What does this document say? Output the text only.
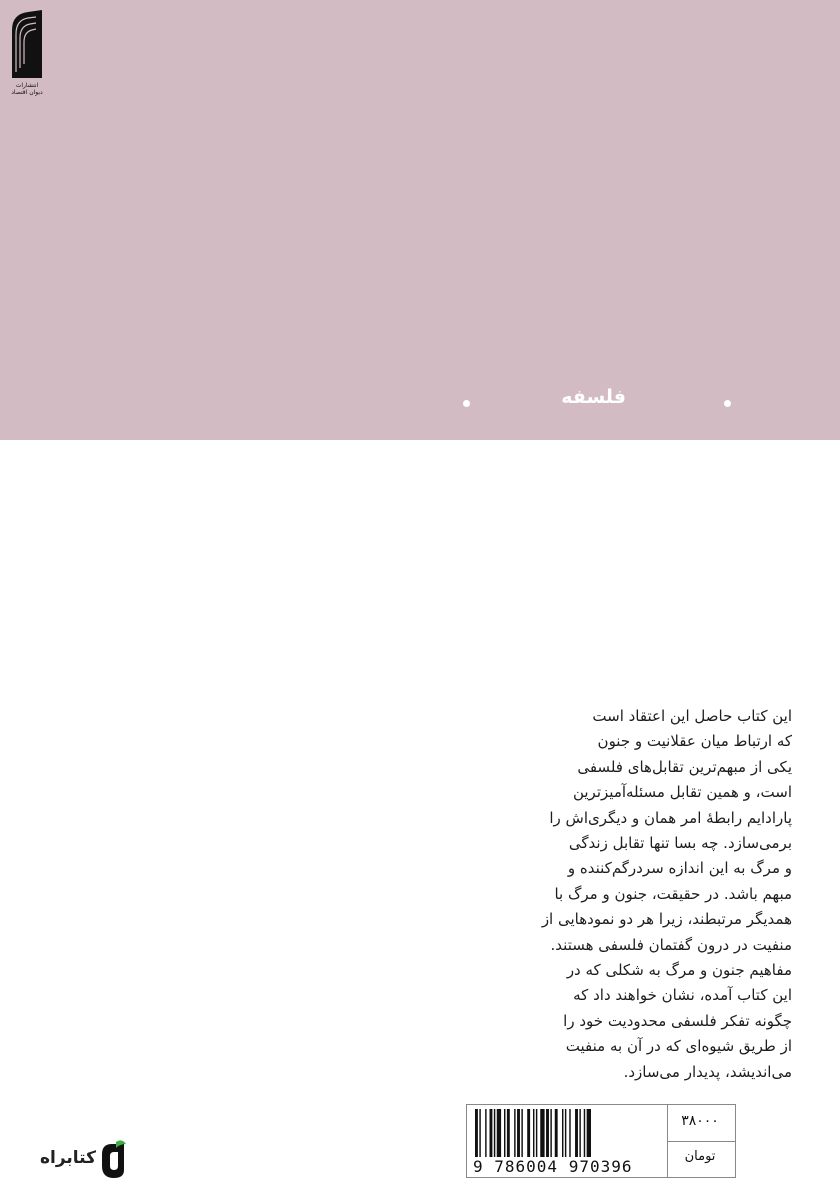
انتشارات
دیوان اقتصاد
فلسفه
این کتاب حاصل این اعتقاد است
که ارتباط میان عقلانیت و جنون
یکی از مبهم‌ترین تقابل‌های فلسفی
است، و همین تقابل مسئله‌آمیزترین
پارادایم رابطهٔ امر همان و دیگری‌اش را
برمی‌سازد. چه بسا تنها تقابل زندگی
و مرگ به این اندازه سردرگم‌کننده و
مبهم باشد. در حقیقت، جنون و مرگ با
همدیگر مرتبطند، زیرا هر دو نمودهایی از
منفیت در درون گفتمان فلسفی هستند.
مفاهیم جنون و مرگ به شکلی که در
این کتاب آمده، نشان خواهند داد که
چگونه تفکر فلسفی محدودیت خود را
از طریق شیوه‌ای که در آن به منفیت
می‌اندیشد، پدیدار می‌سازد.
9 786004 970396
۳۸۰۰۰
تومان
کتابراه
